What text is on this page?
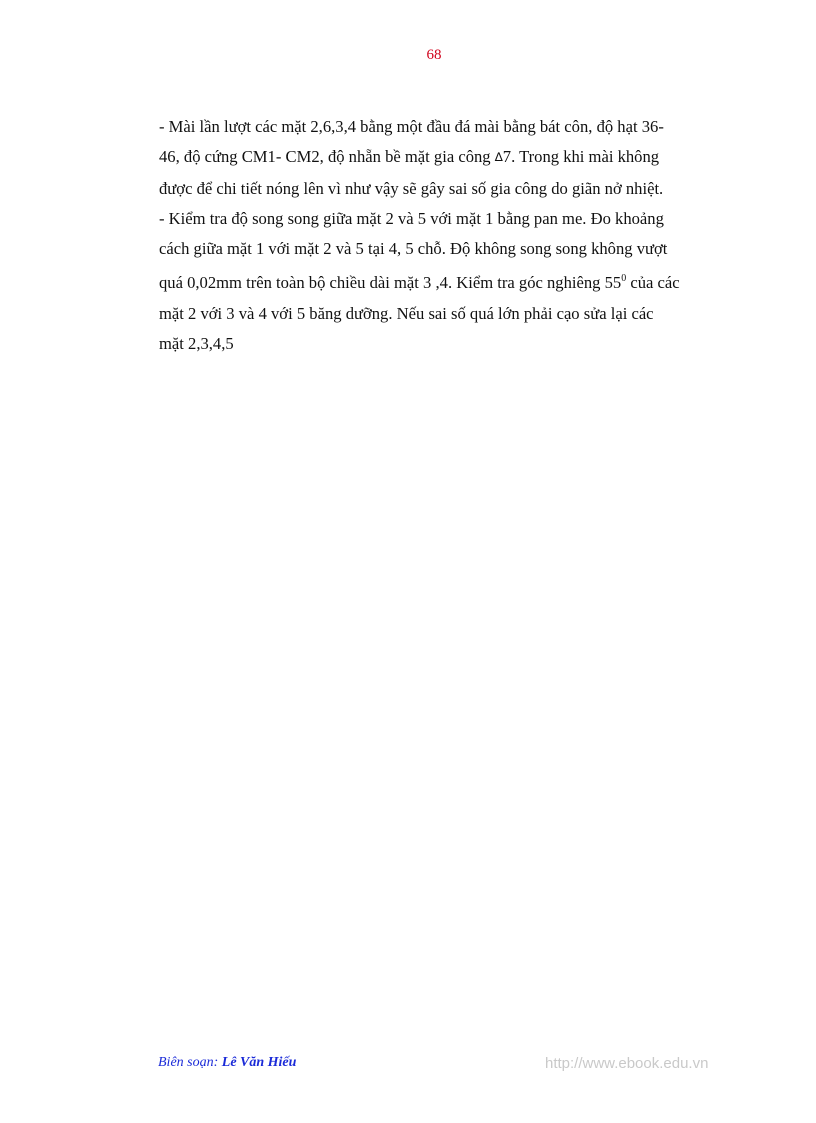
68

- Mài lần lượt các mặt 2,6,3,4 bằng một đầu đá mài bằng bát côn, độ hạt 36-

46, độ cứng CM1- CM2, độ nhẵn bề mặt gia công ∆7. Trong khi mài không

được để chi tiết nóng lên vì như vậy sẽ gây sai số gia công do giãn nở nhiệt.

- Kiểm tra độ song song giữa mặt 2 và 5 với mặt 1 bằng pan me. Đo khoảng

cách giữa mặt 1 với mặt 2 và 5 tại 4, 5 chỗ. Độ không song song không vượt

quá 0,02mm trên toàn bộ chiều dài mặt 3 ,4. Kiểm tra góc nghiêng $55^0$ của các

mặt 2 với 3 và 4 với 5 băng dưỡng. Nếu sai số quá lớn phải cạo sửa lại các

mặt 2,3,4,5

Biên soạn: Lê Văn Hiếu	http://www.ebook.edu.vn
